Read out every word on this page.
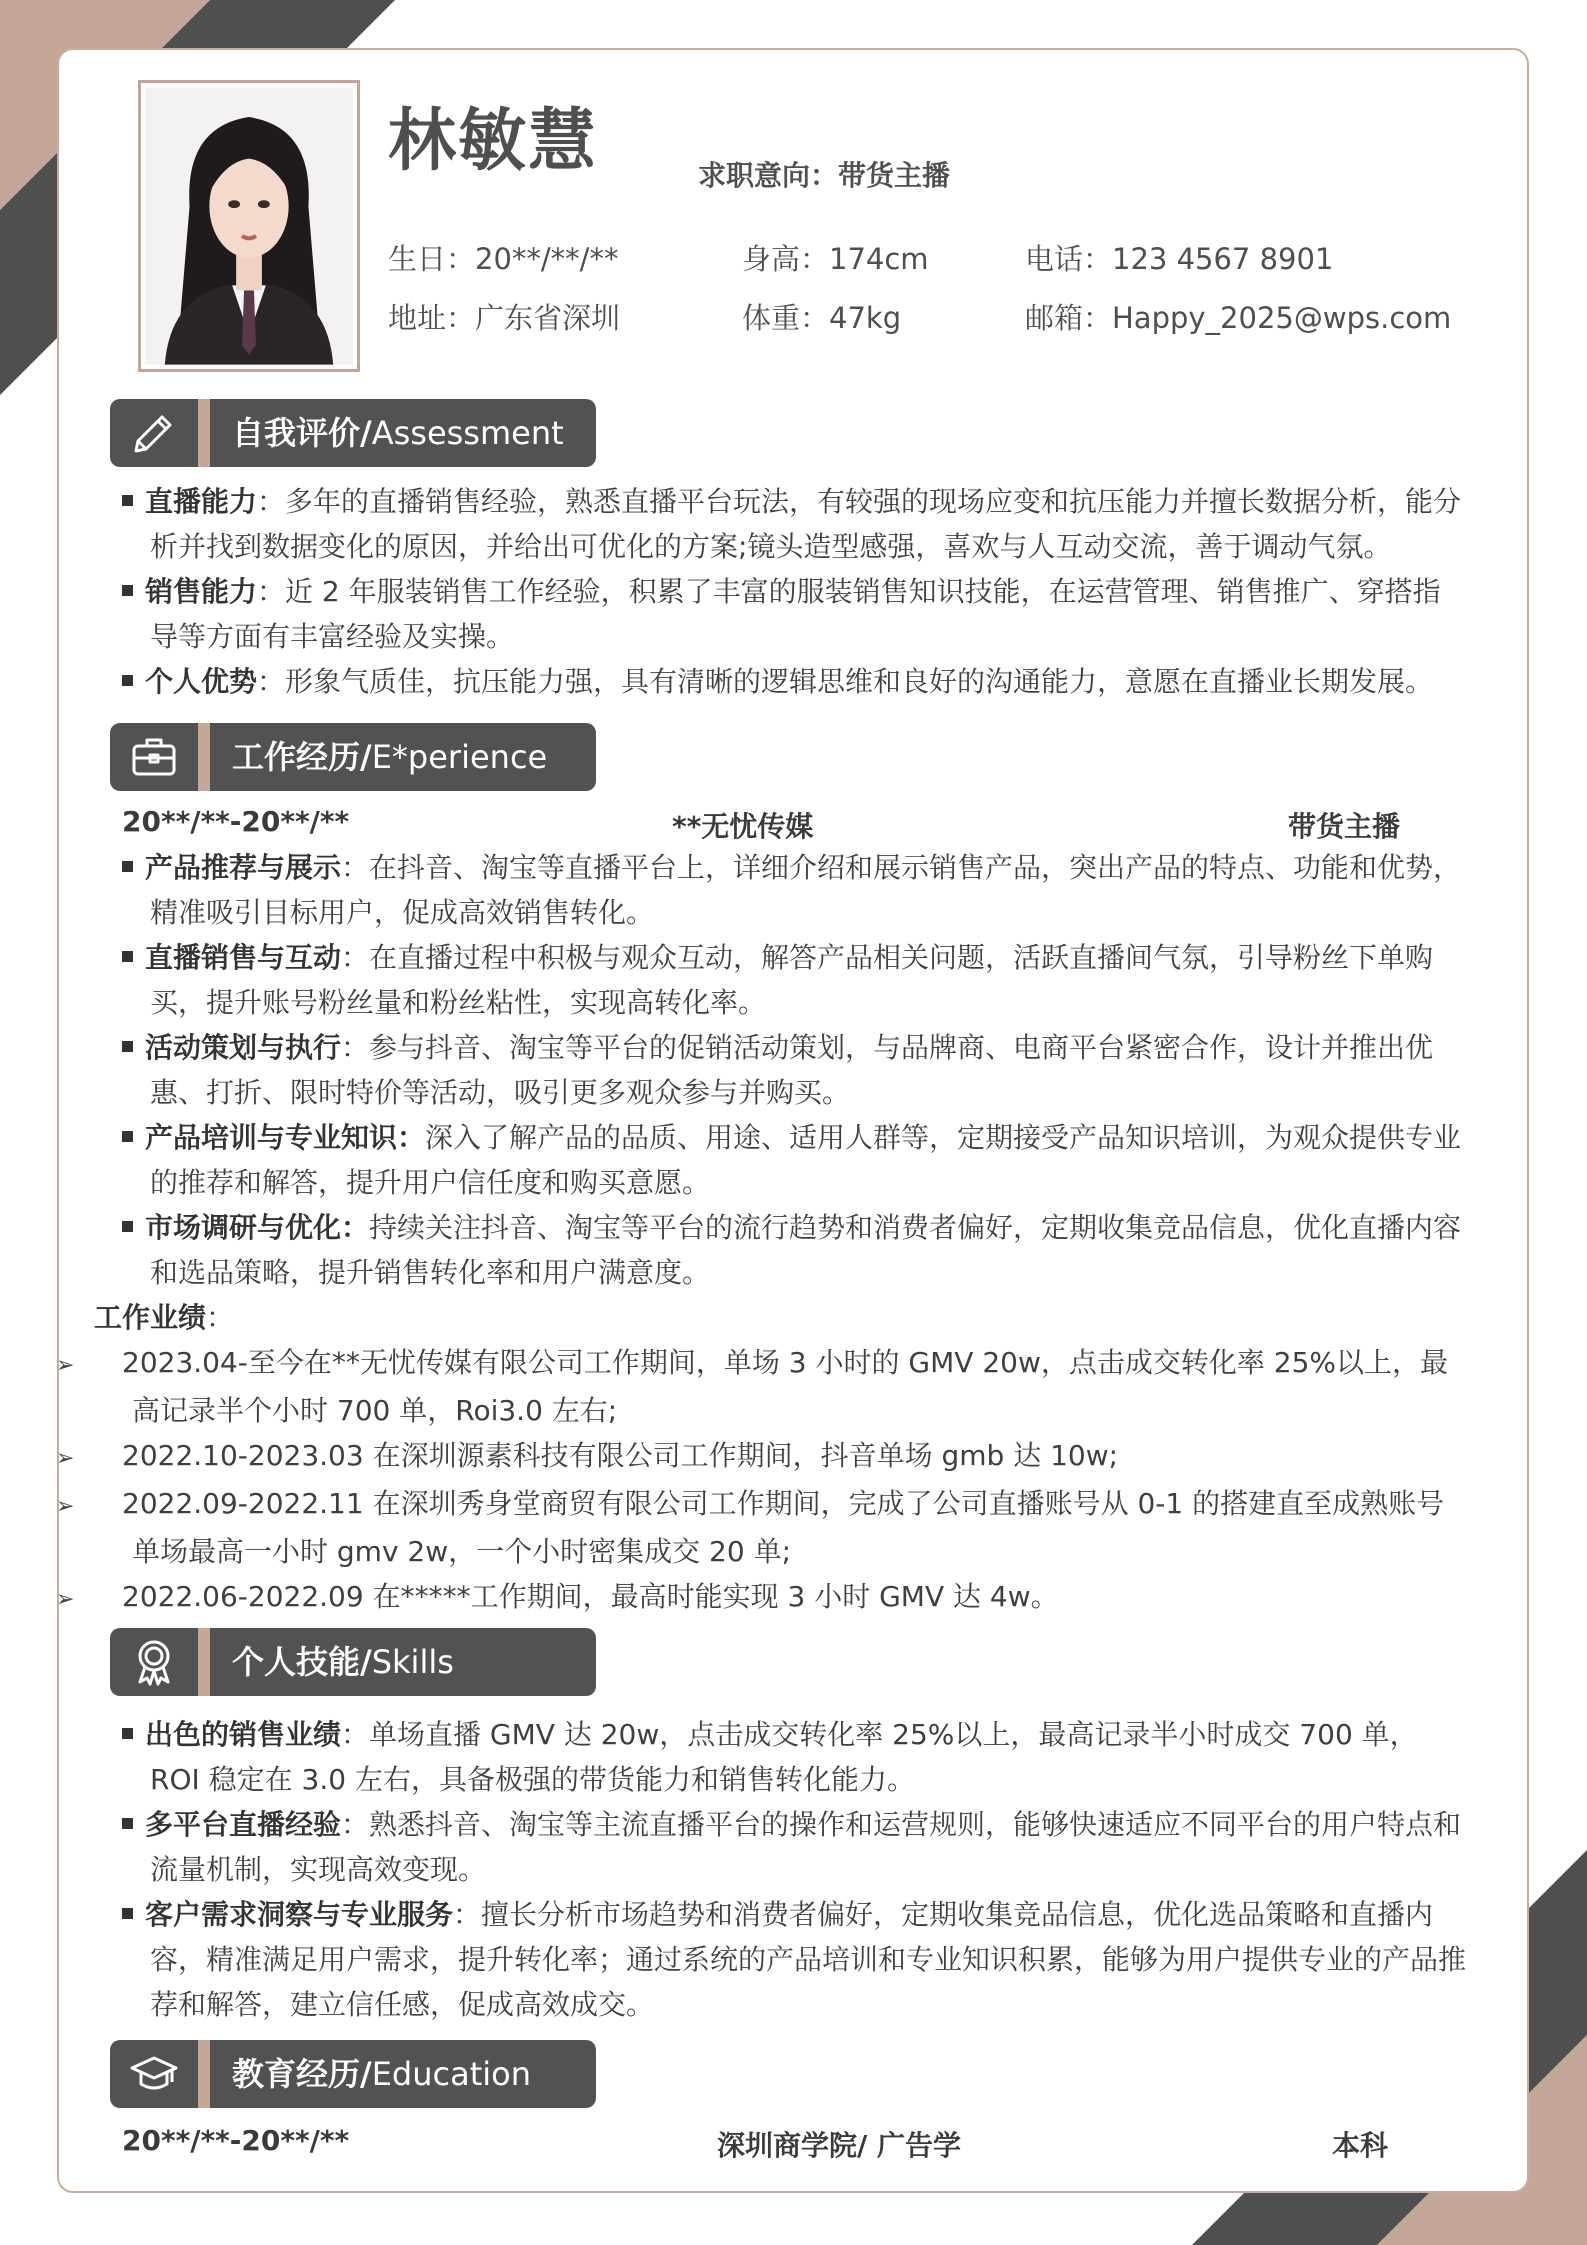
林敏慧	求职意向：带货主播
生日：20**/**/**	身高：174cm	电话：123 4567 8901
地址：广东省深圳	体重：47kg	邮箱：Happy_2025@wps.com
自我评价/Assessment
直播能力：多年的直播销售经验，熟悉直播平台玩法，有较强的现场应变和抗压能力并擅长数据分析，能分析并找到数据变化的原因，并给出可优化的方案;镜头造型感强，喜欢与人互动交流，善于调动气氛。
销售能力：近 2 年服装销售工作经验，积累了丰富的服装销售知识技能，在运营管理、销售推广、穿搭指导等方面有丰富经验及实操。
个人优势：形象气质佳，抗压能力强，具有清晰的逻辑思维和良好的沟通能力，意愿在直播业长期发展。
工作经历/E*perience
20**/**-20**/**	**无忧传媒	带货主播
产品推荐与展示：在抖音、淘宝等直播平台上，详细介绍和展示销售产品，突出产品的特点、功能和优势，精准吸引目标用户，促成高效销售转化。
直播销售与互动：在直播过程中积极与观众互动，解答产品相关问题，活跃直播间气氛，引导粉丝下单购买，提升账号粉丝量和粉丝粘性，实现高转化率。
活动策划与执行：参与抖音、淘宝等平台的促销活动策划，与品牌商、电商平台紧密合作，设计并推出优惠、打折、限时特价等活动，吸引更多观众参与并购买。
产品培训与专业知识：深入了解产品的品质、用途、适用人群等，定期接受产品知识培训，为观众提供专业的推荐和解答，提升用户信任度和购买意愿。
市场调研与优化：持续关注抖音、淘宝等平台的流行趋势和消费者偏好，定期收集竞品信息，优化直播内容和选品策略，提升销售转化率和用户满意度。
工作业绩：
➢ 2023.04-至今在**无忧传媒有限公司工作期间，单场 3 小时的 GMV 20w，点击成交转化率 25%以上，最高记录半个小时 700 单，Roi3.0 左右;
➢ 2022.10-2023.03 在深圳源素科技有限公司工作期间，抖音单场 gmb 达 10w;
➢ 2022.09-2022.11 在深圳秀身堂商贸有限公司工作期间，完成了公司直播账号从 0-1 的搭建直至成熟账号单场最高一小时 gmv 2w，一个小时密集成交 20 单;
➢ 2022.06-2022.09 在*****工作期间，最高时能实现 3 小时 GMV 达 4w。
个人技能/Skills
出色的销售业绩：单场直播 GMV 达 20w，点击成交转化率 25%以上，最高记录半小时成交 700 单，ROI 稳定在 3.0 左右，具备极强的带货能力和销售转化能力。
多平台直播经验：熟悉抖音、淘宝等主流直播平台的操作和运营规则，能够快速适应不同平台的用户特点和流量机制，实现高效变现。
客户需求洞察与专业服务：擅长分析市场趋势和消费者偏好，定期收集竞品信息，优化选品策略和直播内容，精准满足用户需求，提升转化率；通过系统的产品培训和专业知识积累，能够为用户提供专业的产品推荐和解答，建立信任感，促成高效成交。
教育经历/Education
20**/**-20**/**	深圳商学院/ 广告学	本科
